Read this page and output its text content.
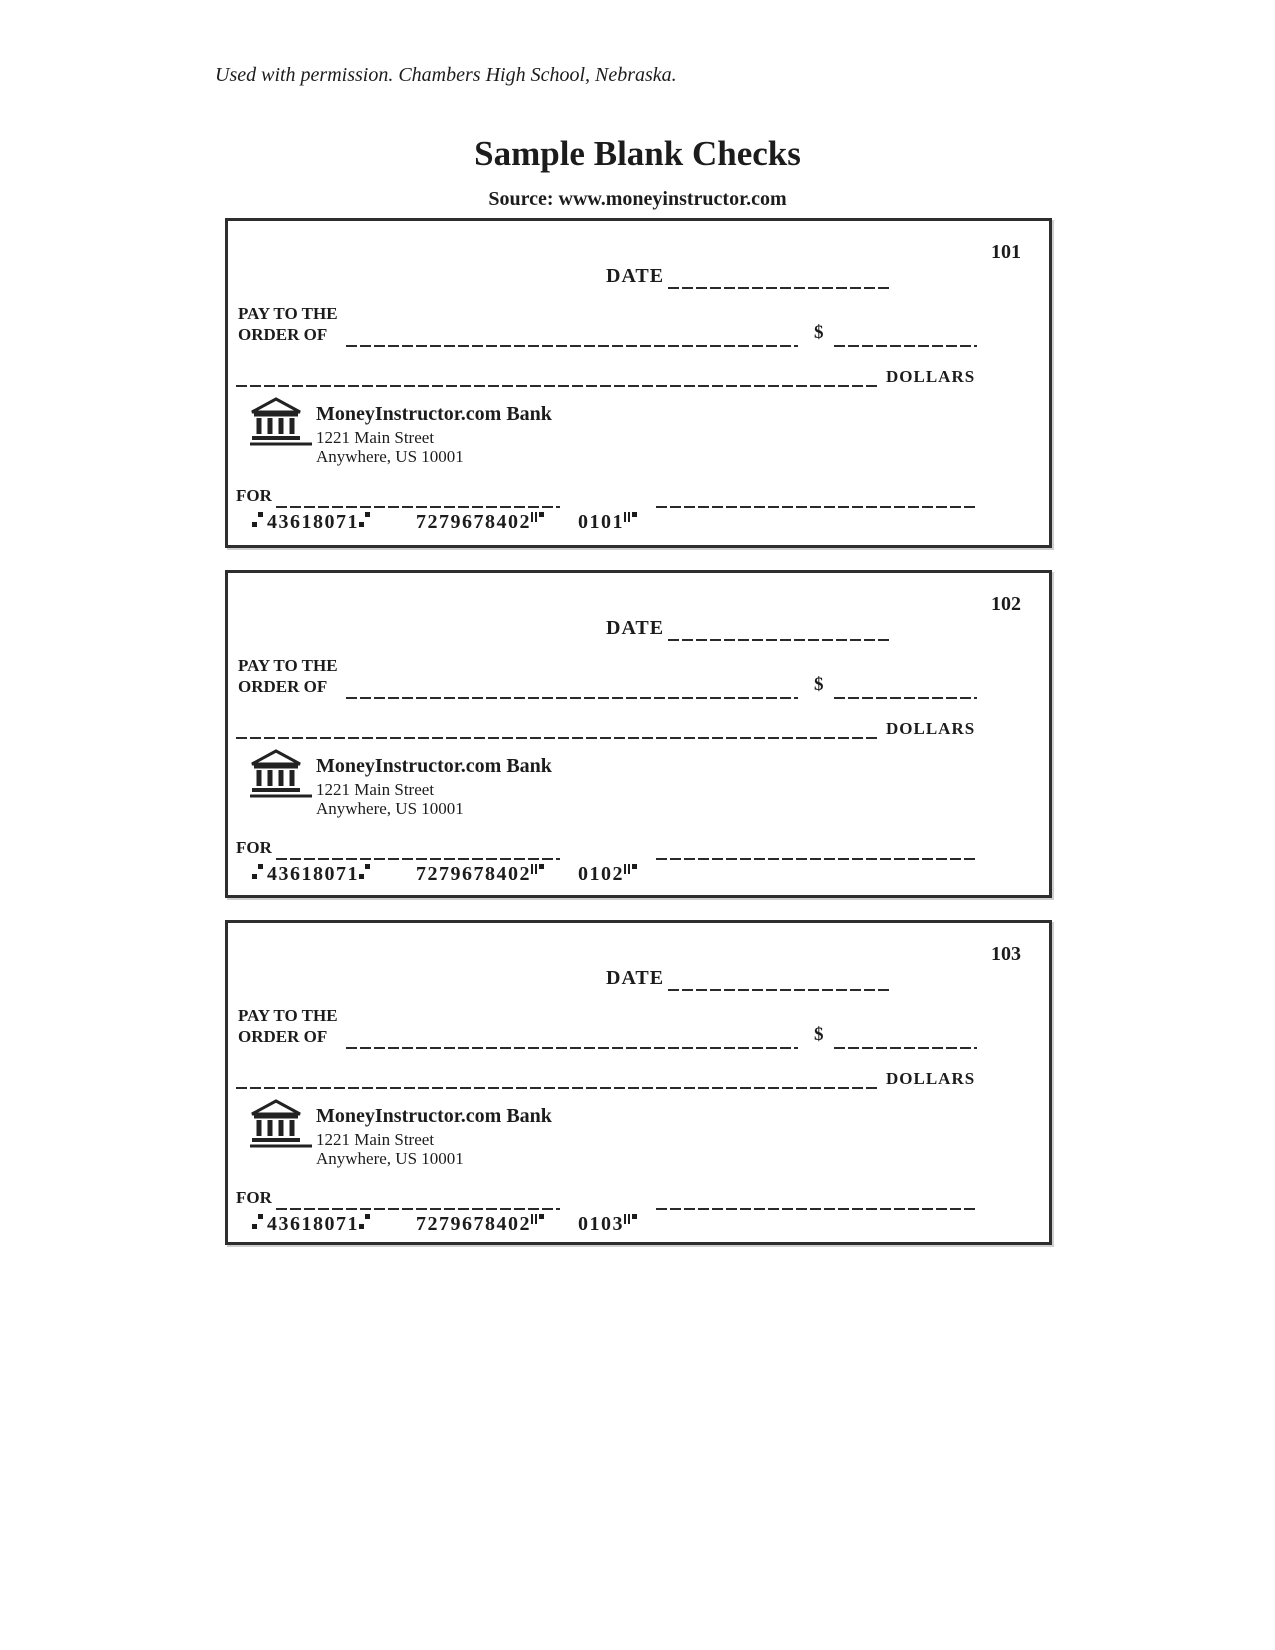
Used with permission. Chambers High School, Nebraska.
Sample Blank Checks
Source: www.moneyinstructor.com
101
DATE
PAY TO THE
ORDER OF	$
DOLLARS
MoneyInstructor.com Bank
1221 Main Street
Anywhere, US 10001
FOR
43618071	7279678402 0101
102
DATE
PAY TO THE
ORDER OF	$
DOLLARS
MoneyInstructor.com Bank
1221 Main Street
Anywhere, US 10001
FOR
43618071	7279678402 0102
103
DATE
PAY TO THE
ORDER OF	$
DOLLARS
MoneyInstructor.com Bank
1221 Main Street
Anywhere, US 10001
FOR
43618071	7279678402 0103
